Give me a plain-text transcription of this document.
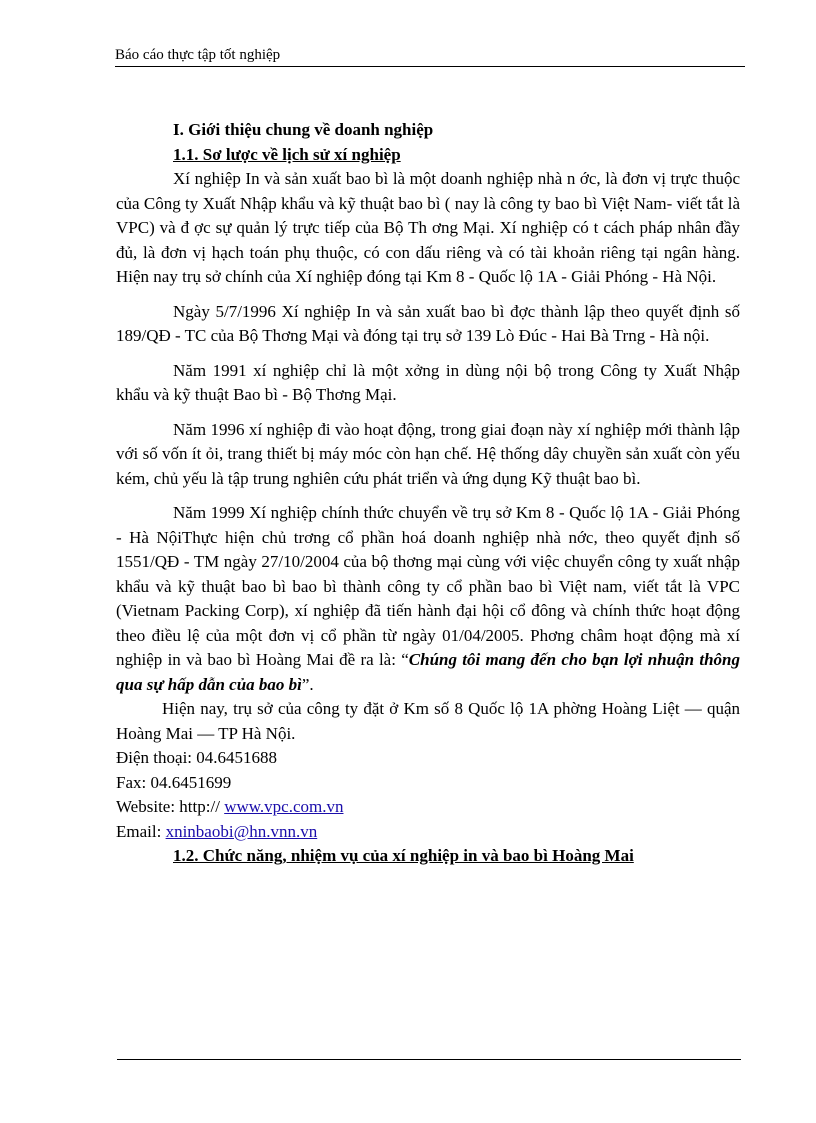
Báo cáo thực tập tốt nghiệp

I. Giới thiệu chung về doanh nghiệp

1.1. Sơ lược về lịch sử xí nghiệp

Xí nghiệp In và sản xuất bao bì là một doanh nghiệp nhà n ớc, là đơn vị trực thuộc của Công ty Xuất Nhập khẩu và kỹ thuật bao bì ( nay là công ty bao bì Việt Nam- viết tắt là VPC) và đ ợc sự quản lý trực tiếp của Bộ Th ơng Mại. Xí nghiệp có t cách pháp nhân đầy đủ, là đơn vị hạch toán phụ thuộc, có con dấu riêng và có tài khoản riêng tại ngân hàng. Hiện nay trụ sở chính của Xí nghiệp đóng tại Km 8 - Quốc lộ 1A - Giải Phóng - Hà Nội.

Ngày 5/7/1996 Xí nghiệp In và sản xuất bao bì đợc thành lập theo quyết định số 189/QĐ - TC của Bộ Thơng Mại và đóng tại trụ sở 139 Lò Đúc - Hai Bà Trng - Hà nội.

Năm 1991 xí nghiệp chỉ là một xởng in dùng nội bộ trong Công ty Xuất Nhập khẩu và kỹ thuật Bao bì - Bộ Thơng Mại.

Năm 1996 xí nghiệp đi vào hoạt động, trong giai đoạn này xí nghiệp mới thành lập với số vốn ít ỏi, trang thiết bị máy móc còn hạn chế. Hệ thống dây chuyền sản xuất còn yếu kém, chủ yếu là tập trung nghiên cứu phát triển và ứng dụng Kỹ thuật bao bì.

Năm 1999 Xí nghiệp chính thức chuyển về trụ sở Km 8 - Quốc lộ 1A - Giải Phóng - Hà NộiThực hiện chủ trơng cổ phần hoá doanh nghiệp nhà nớc, theo quyết định số 1551/QĐ - TM ngày 27/10/2004 của bộ thơng mại cùng với việc chuyển công ty xuất nhập khẩu và kỹ thuật bao bì bao bì thành công ty cổ phần bao bì Việt nam, viết tắt là VPC (Vietnam Packing Corp), xí nghiệp đã tiến hành đại hội cổ đông và chính thức hoạt động theo điều lệ của một đơn vị cổ phần từ ngày 01/04/2005. Phơng châm hoạt động mà xí nghiệp in và bao bì Hoàng Mai đề ra là: “Chúng tôi mang đến cho bạn lợi nhuận thông qua sự hấp dẫn của bao bì”.

Hiện nay, trụ sở của công ty đặt ở Km số 8 Quốc lộ 1A phờng Hoàng Liệt — quận Hoàng Mai — TP Hà Nội.

Điện thoại: 04.6451688

Fax: 04.6451699

Website: http:// www.vpc.com.vn

Email: xninbaobi@hn.vnn.vn

1.2. Chức năng, nhiệm vụ của xí nghiệp in và bao bì Hoàng Mai
